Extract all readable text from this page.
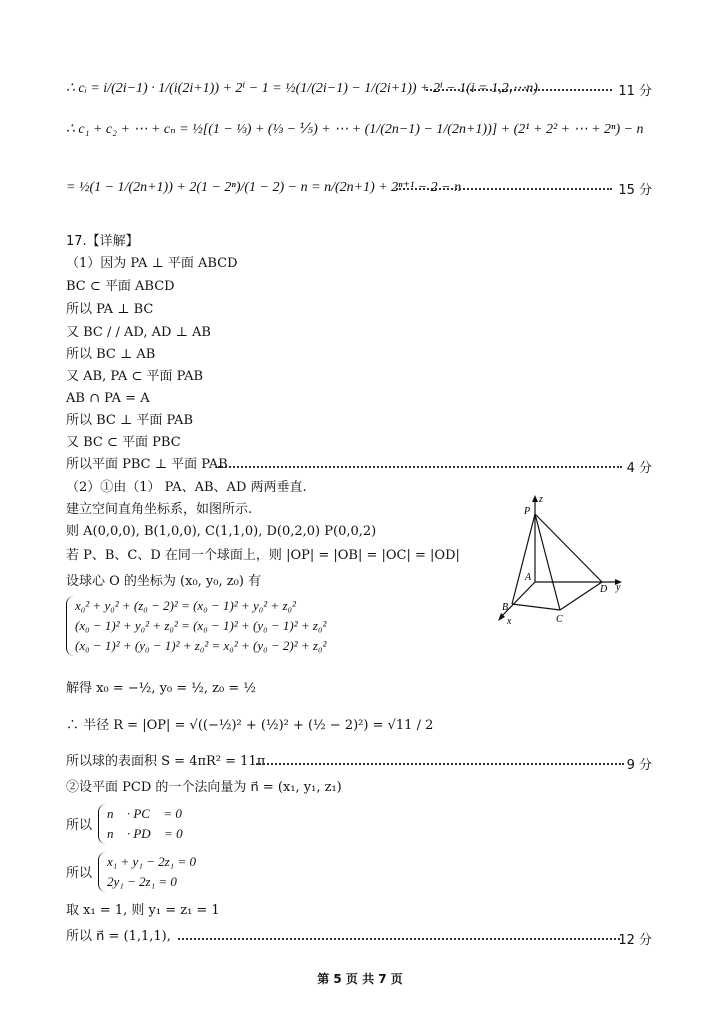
∴ cᵢ = i/(2i−1) · 1/(i(2i+1)) + 2ⁱ − 1 = ½(1/(2i−1) − 1/(2i+1)) + 2ⁱ − 1(i = 1,2,⋯n)	11 分
∴ c₁ + c₂ + ⋯ + cₙ = ½[(1 − ⅓) + (⅓ − ⅕) + ⋯ + (1/(2n−1) − 1/(2n+1))] + (2¹ + 2² + ⋯ + 2ⁿ) − n
= ½(1 − 1/(2n+1)) + 2(1 − 2ⁿ)/(1 − 2) − n = n/(2n+1) + 2ⁿ⁺¹ − 2 − n	15 分
17.【详解】
（1）因为 PA ⊥ 平面 ABCD
BC ⊂ 平面 ABCD
所以 PA ⊥ BC
又 BC / / AD, AD ⊥ AB
所以 BC ⊥ AB
又 AB, PA ⊂ 平面 PAB
AB ∩ PA = A
所以 BC ⊥ 平面 PAB
又 BC ⊂ 平面 PBC
所以平面 PBC ⊥ 平面 PAB	4 分
（2）①由（1） PA、AB、AD 两两垂直.
建立空间直角坐标系，如图所示.
则 A(0,0,0), B(1,0,0), C(1,1,0), D(0,2,0) P(0,0,2)
若 P、B、C、D 在同一个球面上，则 |OP| = |OB| = |OC| = |OD|
设球心 O 的坐标为 (x₀, y₀, z₀) 有
x₀² + y₀² + (z₀ − 2)² = (x₀ − 1)² + y₀² + z₀²
(x₀ − 1)² + y₀² + z₀² = (x₀ − 1)² + (y₀ − 1)² + z₀²
(x₀ − 1)² + (y₀ − 1)² + z₀² = x₀² + (y₀ − 2)² + z₀²
解得 x₀ = −½, y₀ = ½, z₀ = ½
∴ 半径 R = |OP| = √((−½)² + (½)² + (½ − 2)²) = √11 / 2
所以球的表面积 S = 4πR² = 11π	9 分
②设平面 PCD 的一个法向量为 n⃗ = (x₁, y₁, z₁)
所以
n⃗ · PC⃗ = 0
n⃗ · PD⃗ = 0
所以
x₁ + y₁ − 2z₁ = 0
2y₁ − 2z₁ = 0
取 x₁ = 1, 则 y₁ = z₁ = 1
所以 n⃗ = (1,1,1),	12 分
P
z
A
D y
B
C
x
第 5 页 共 7 页
